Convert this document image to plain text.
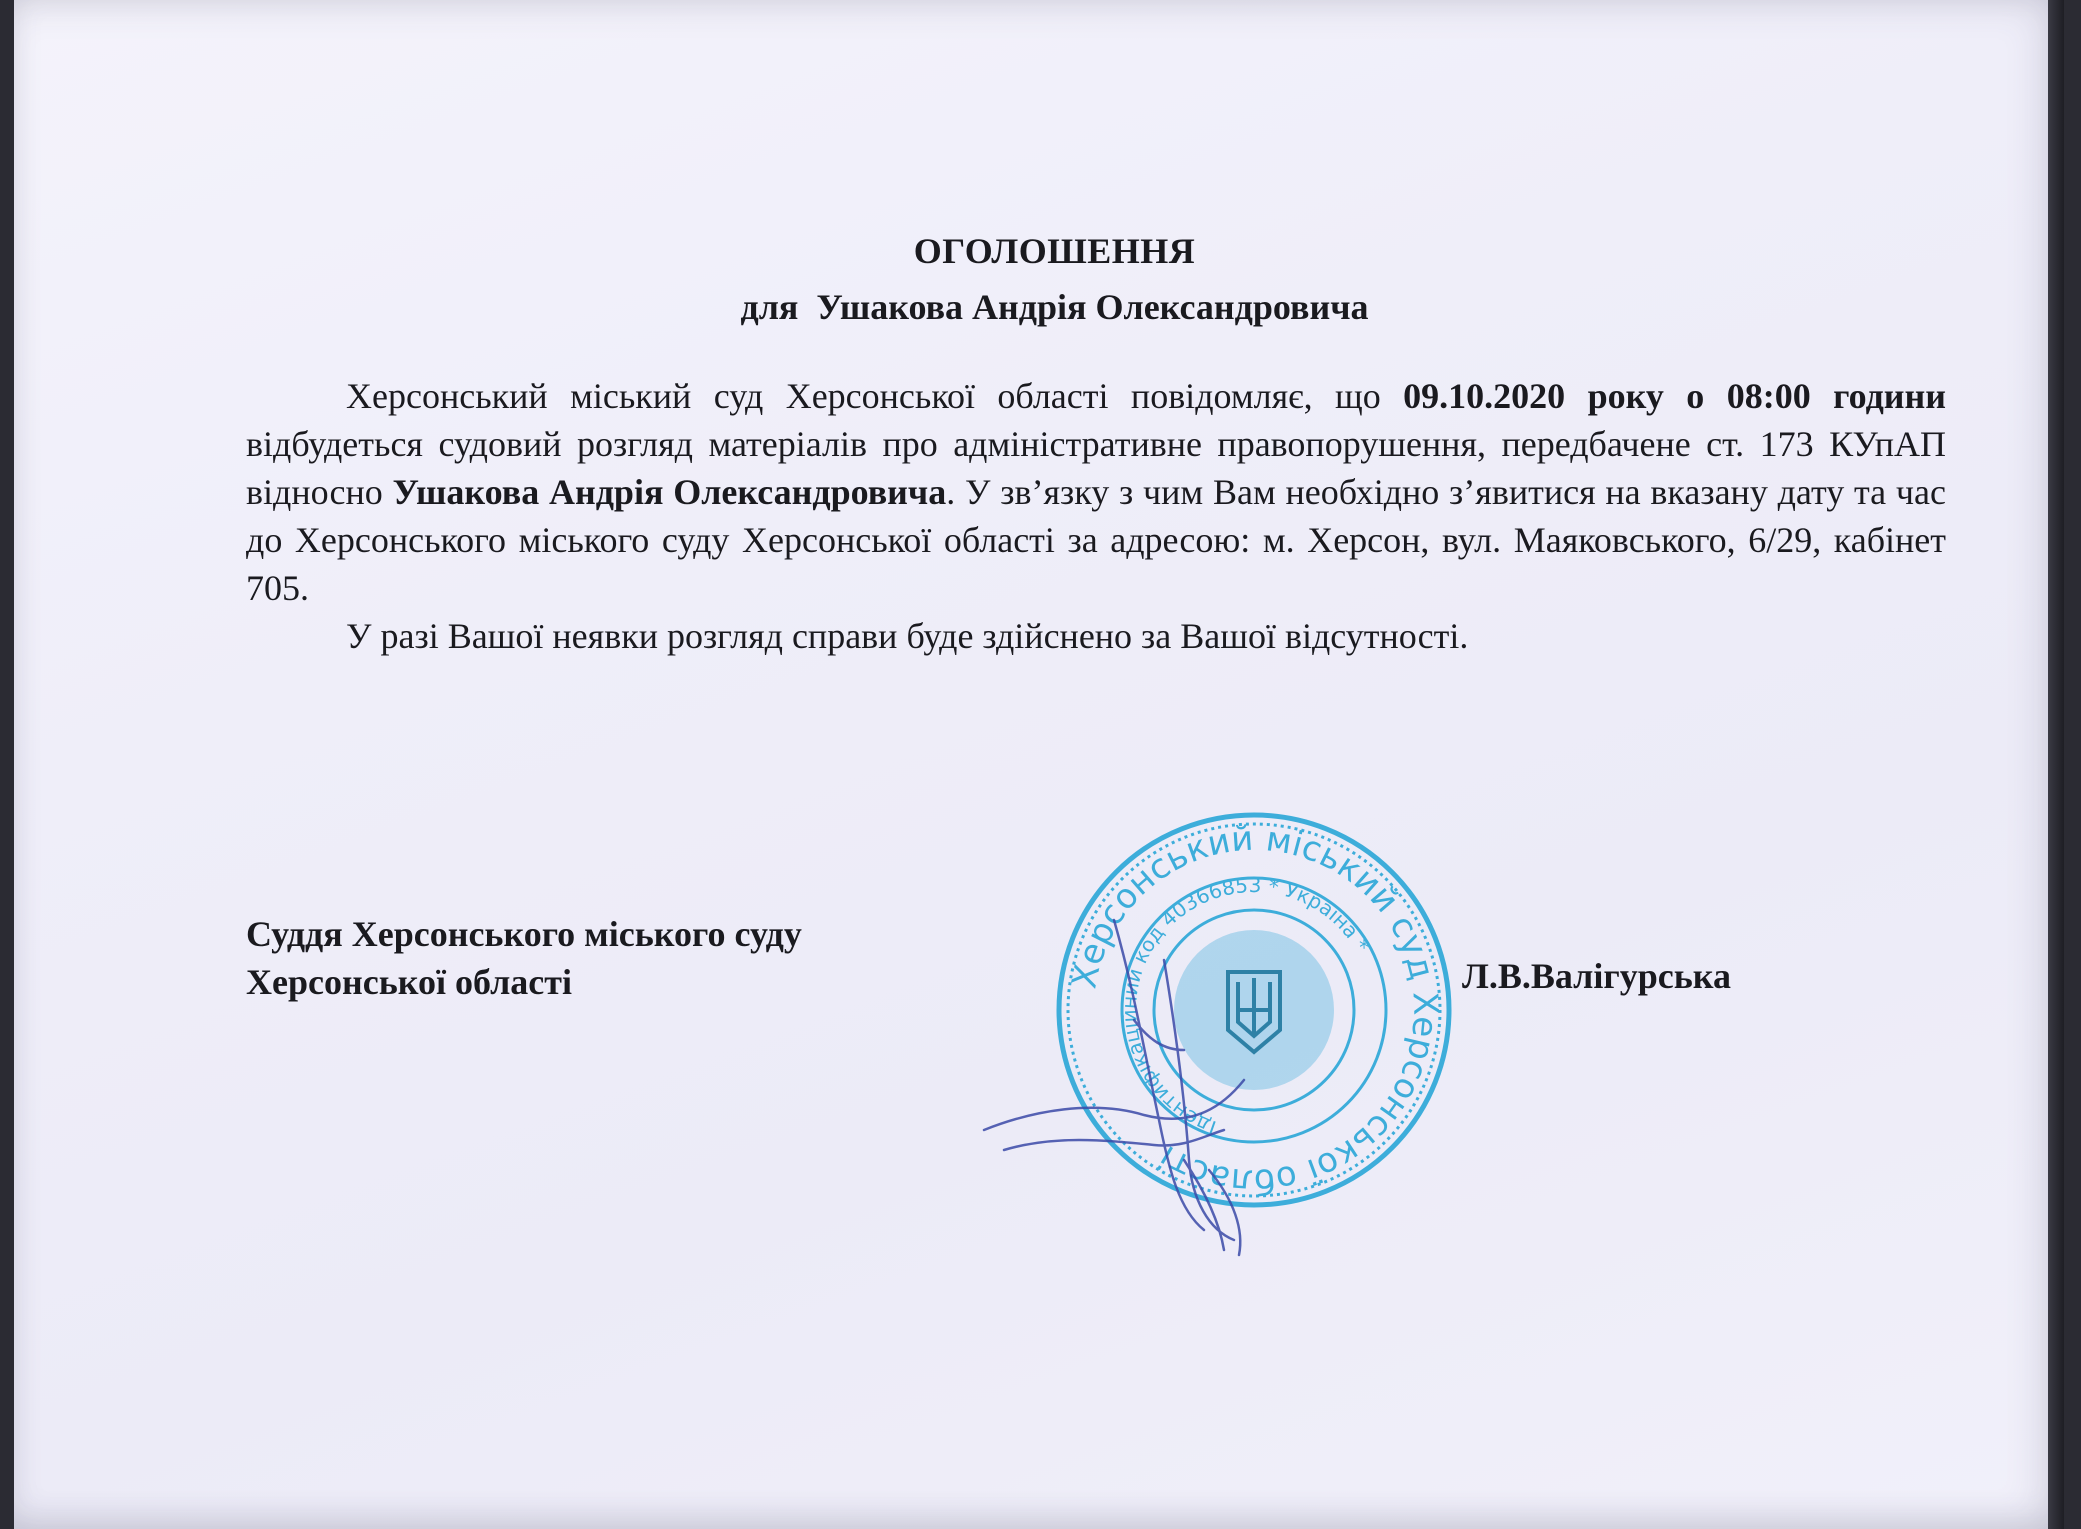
ОГОЛОШЕННЯ
для  Ушакова Андрія Олександровича

Херсонський міський суд Херсонської області повідомляє, що 09.10.2020 року о 08:00 години відбудеться судовий розгляд матеріалів про адміністративне правопорушення, передбачене ст. 173 КУпАП відносно Ушакова Андрія Олександровича. У зв’язку з чим Вам необхідно з’явитися на вказану дату та час до Херсонського міського суду Херсонської області за адресою: м. Херсон, вул. Маяковського, 6/29, кабінет 705.

У разі Вашої неявки розгляд справи буде здійснено за Вашої відсутності.

Суддя Херсонського міського суду
Херсонської області	Л.В.Валігурська
Херсонський міський суд Херсонської області
Ідентифікаційний код 40366853 * Україна *
